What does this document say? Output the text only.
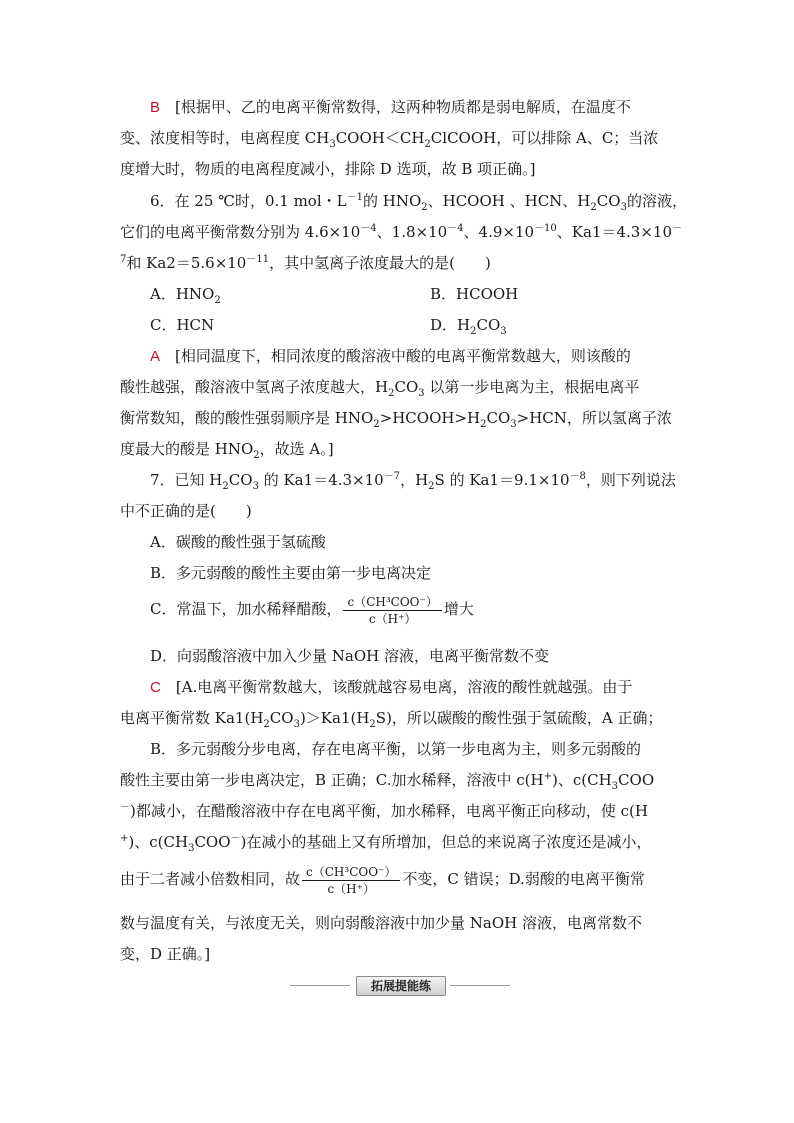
B　 [根据甲、乙的电离平衡常数得，这两种物质都是弱电解质，在温度不
变、浓度相等时，电离程度 $CH_3COOH<CH_2ClCOOH$，可以排除 A、C；当浓
度增大时，物质的电离程度减小，排除 D 选项，故 B 项正确。]
6．在 25 ℃时，0.1 mol・$L^{-1}$的 $HNO_2$、HCOOH 、HCN、$H_2CO_3$的溶液，
它们的电离平衡常数分别为 $4.6\times 10^{-4}$、$1.8\times 10^{-4}$、$4.9\times 10^{-10}$、Ka1＝4.3×10－
$^7$和 $Ka2=5.6\times 10^{-11}$，其中氢离子浓度最大的是(　　)
A．$HNO_2$	B．HCOOH
C．HCN	D．$H_2CO_3$
A　 [相同温度下，相同浓度的酸溶液中酸的电离平衡常数越大，则该酸的
酸性越强，酸溶液中氢离子浓度越大，$H_2CO_3$ 以第一步电离为主，根据电离平
衡常数知，酸的酸性强弱顺序是 $HNO_2>HCOOH>H_2CO_3>HCN$，所以氢离子浓
度最大的酸是 $HNO_2$，故选 A。]
7．已知 $H_2CO_3$ 的 $Ka1=4.3\times 10^{-7}$，$H_2S$ 的 $Ka1=9.1\times 10^{-8}$，则下列说法
中不正确的是(　　)
A．碳酸的酸性强于氢硫酸
B．多元弱酸的酸性主要由第一步电离决定
C．常温下，加水稀释醋酸， $\frac{\text{c（CH³COO⁻）}}{c(H^+)}$ 增大
D．向弱酸溶液中加入少量 NaOH 溶液，电离平衡常数不变
C　 [A.电离平衡常数越大，该酸就越容易电离，溶液的酸性就越强。由于
电离平衡常数 $Ka1(H_2CO_3)>Ka1(H_2S)$，所以碳酸的酸性强于氢硫酸，A 正确；
B．多元弱酸分步电离，存在电离平衡，以第一步电离为主，则多元弱酸的
酸性主要由第一步电离决定，B 正确；C.加水稀释，溶液中 c(H+)、$c(CH_3COO$
－)都减小，在醋酸溶液中存在电离平衡，加水稀释，电离平衡正向移动，使 c(H
+)、$c(CH_3COO^-)$在减小的基础上又有所增加，但总的来说离子浓度还是减小，
由于二者减小倍数相同，故 $\frac{\text{c（CH³COO⁻）}}{c(H^+)}$ 不变，C 错误；D.弱酸的电离平衡常
数与温度有关，与浓度无关，则向弱酸溶液中加少量 NaOH 溶液，电离常数不
变，D 正确。]
拓展提能练
